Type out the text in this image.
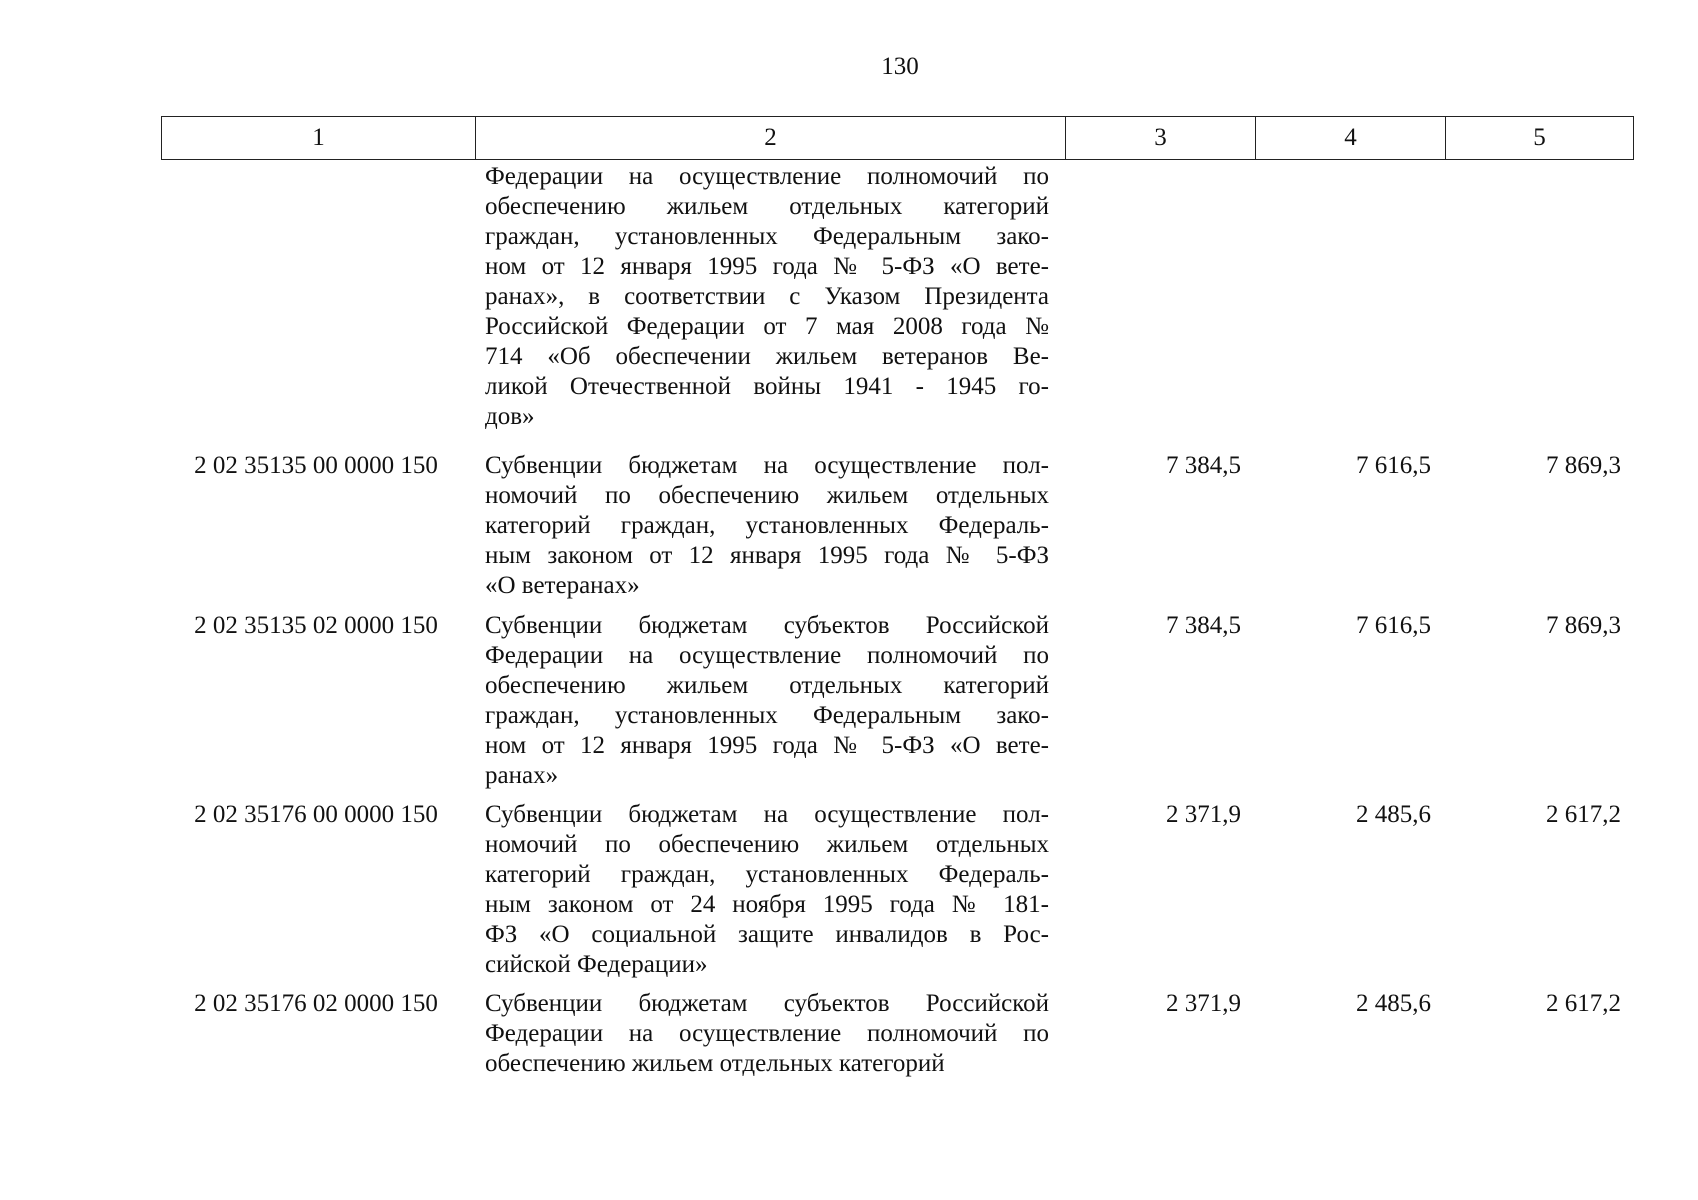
130
1	2	3	4	5
Федерации на осуществление полномочий по
обеспечению жильем отдельных категорий
граждан, установленных Федеральным зако-
ном от 12 января 1995 года № 5-ФЗ «О вете-
ранах», в соответствии с Указом Президента
Российской Федерации от 7 мая 2008 года №
714 «Об обеспечении жильем ветеранов Ве-
ликой Отечественной войны 1941 - 1945 го-
дов»
2 02 35135 00 0000 150	Субвенции бюджетам на осуществление пол-
номочий по обеспечению жильем отдельных
категорий граждан, установленных Федераль-
ным законом от 12 января 1995 года № 5-ФЗ
«О ветеранах»
7 384,5	7 616,5	7 869,3
2 02 35135 02 0000 150	Субвенции бюджетам субъектов Российской
Федерации на осуществление полномочий по
обеспечению жильем отдельных категорий
граждан, установленных Федеральным зако-
ном от 12 января 1995 года № 5-ФЗ «О вете-
ранах»
7 384,5	7 616,5	7 869,3
2 02 35176 00 0000 150	Субвенции бюджетам на осуществление пол-
номочий по обеспечению жильем отдельных
категорий граждан, установленных Федераль-
ным законом от 24 ноября 1995 года № 181-
ФЗ «О социальной защите инвалидов в Рос-
сийской Федерации»
2 371,9	2 485,6	2 617,2
2 02 35176 02 0000 150	Субвенции бюджетам субъектов Российской
Федерации на осуществление полномочий по
обеспечению жильем отдельных категорий
2 371,9	2 485,6	2 617,2
